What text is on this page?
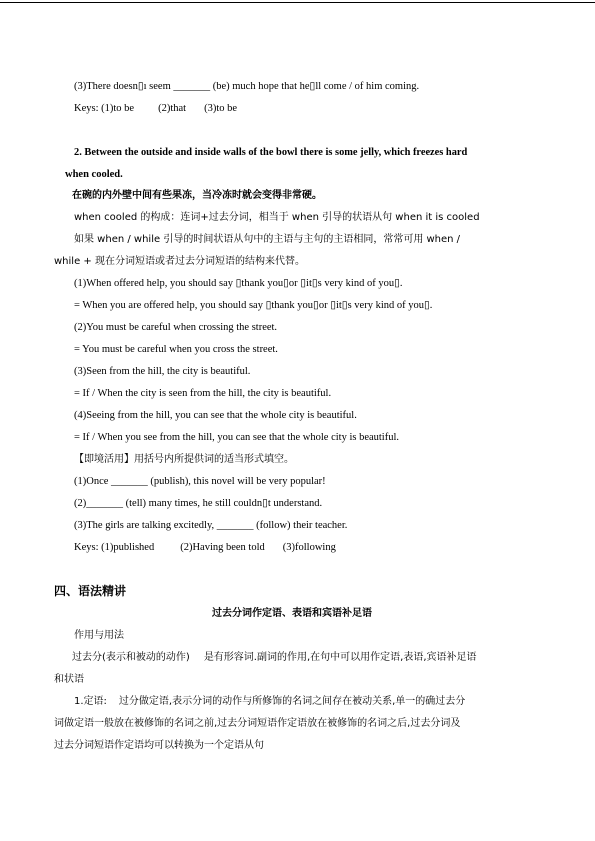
(3)There doesn▯ı seem _______ (be) much hope that he▯ll come / of him coming.
Keys: (1)to be (2)that (3)to be
2. Between the outside and inside walls of the bowl there is some jelly, which freezes hard
when cooled.
在碗的内外壁中间有些果冻，当冷冻时就会变得非常硬。
when cooled 的构成：连词+过去分词，相当于 when 引导的状语从句 when it is cooled
如果 when / while 引导的时间状语从句中的主语与主句的主语相同，常常可用 when /
while + 现在分词短语或者过去分词短语的结构来代替。
(1)When offered help, you should say ▯thank you▯or ▯it▯s very kind of you▯.
= When you are offered help, you should say ▯thank you▯or ▯it▯s very kind of you▯.
(2)You must be careful when crossing the street.
= You must be careful when you cross the street.
(3)Seen from the hill, the city is beautiful.
= If / When the city is seen from the hill, the city is beautiful.
(4)Seeing from the hill, you can see that the whole city is beautiful.
= If / When you see from the hill, you can see that the whole city is beautiful.
【即境活用】用括号内所提供词的适当形式填空。
(1)Once _______ (publish), this novel will be very popular!
(2)_______ (tell) many times, he still couldn▯t understand.
(3)The girls are talking excitedly, _______ (follow) their teacher.
Keys: (1)published (2)Having been told (3)following
四、语法精讲
过去分词作定语、表语和宾语补足语
作用与用法
过去分(表示和被动的动作) 是有形容词.副词的作用,在句中可以用作定语,表语,宾语补足语
和状语
1.定语: 过分做定语,表示分词的动作与所修饰的名词之间存在被动关系,单一的确过去分
词做定语一般放在被修饰的名词之前,过去分词短语作定语放在被修饰的名词之后,过去分词及
过去分词短语作定语均可以转换为一个定语从句
